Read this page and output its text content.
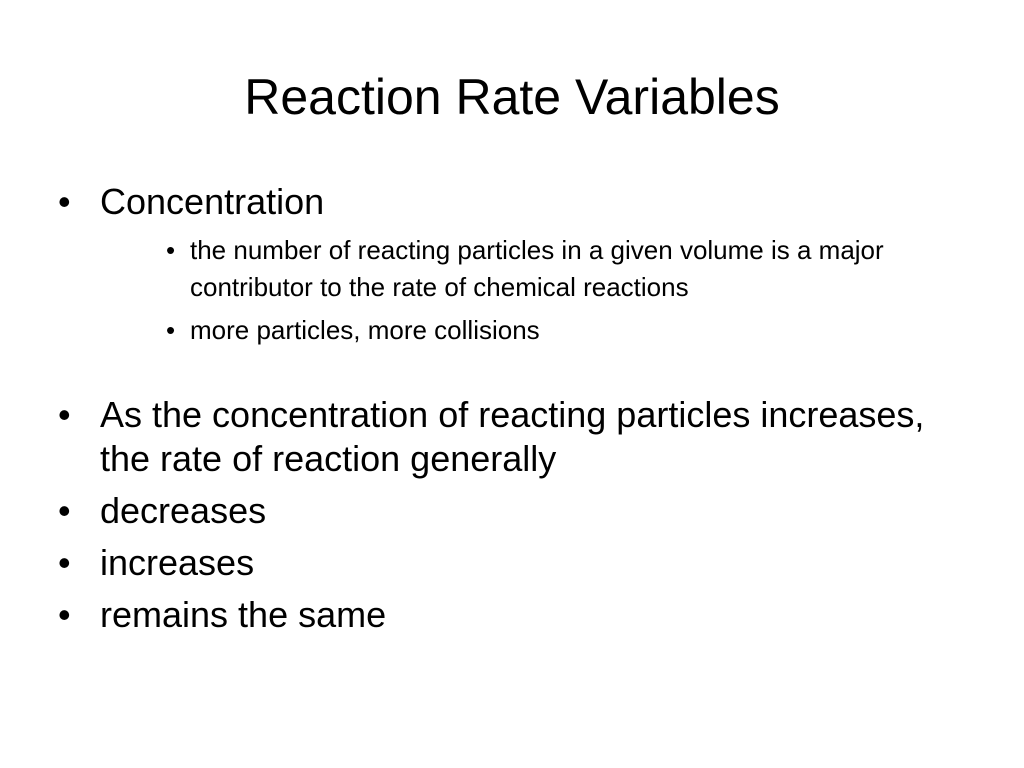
Reaction Rate Variables
• Concentration
• the number of reacting particles in a given volume is a major contributor to the rate of chemical reactions
• more particles, more collisions
• As the concentration of reacting particles increases, the rate of reaction generally
• decreases
• increases
• remains the same
